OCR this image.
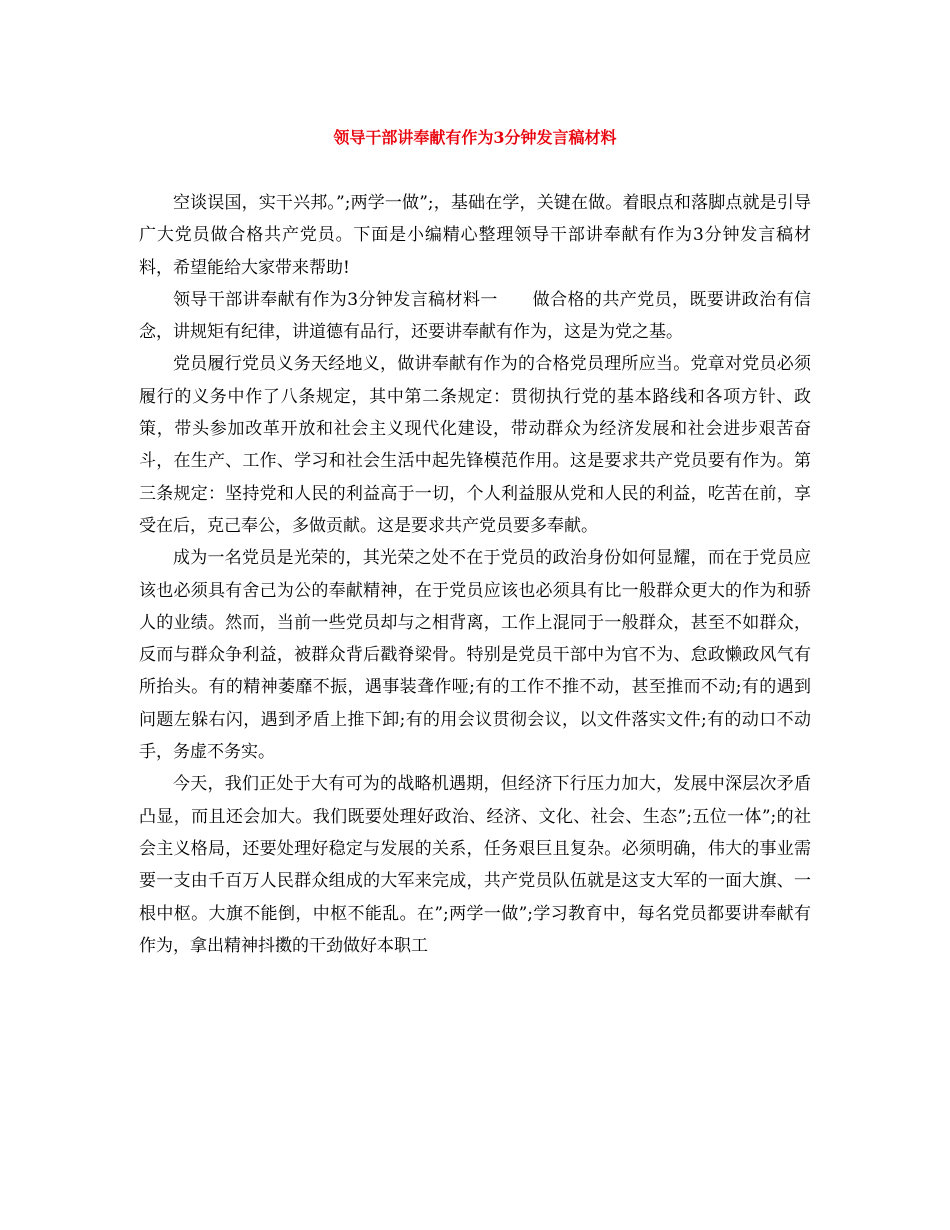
领导干部讲奉献有作为3分钟发言稿材料

空谈误国，实干兴邦。”;两学一做”;，基础在学，关键在做。着眼点和落脚点就是引导广大党员做合格共产党员。下面是小编精心整理领导干部讲奉献有作为3分钟发言稿材料，希望能给大家带来帮助!

领导干部讲奉献有作为3分钟发言稿材料一　　做合格的共产党员，既要讲政治有信念，讲规矩有纪律，讲道德有品行，还要讲奉献有作为，这是为党之基。

党员履行党员义务天经地义，做讲奉献有作为的合格党员理所应当。党章对党员必须履行的义务中作了八条规定，其中第二条规定：贯彻执行党的基本路线和各项方针、政策，带头参加改革开放和社会主义现代化建设，带动群众为经济发展和社会进步艰苦奋斗，在生产、工作、学习和社会生活中起先锋模范作用。这是要求共产党员要有作为。第三条规定：坚持党和人民的利益高于一切，个人利益服从党和人民的利益，吃苦在前，享受在后，克己奉公，多做贡献。这是要求共产党员要多奉献。

成为一名党员是光荣的，其光荣之处不在于党员的政治身份如何显耀，而在于党员应该也必须具有舍己为公的奉献精神，在于党员应该也必须具有比一般群众更大的作为和骄人的业绩。然而，当前一些党员却与之相背离，工作上混同于一般群众，甚至不如群众，反而与群众争利益，被群众背后戳脊梁骨。特别是党员干部中为官不为、怠政懒政风气有所抬头。有的精神萎靡不振，遇事装聋作哑;有的工作不推不动，甚至推而不动;有的遇到问题左躲右闪，遇到矛盾上推下卸;有的用会议贯彻会议，以文件落实文件;有的动口不动手，务虚不务实。

今天，我们正处于大有可为的战略机遇期，但经济下行压力加大，发展中深层次矛盾凸显，而且还会加大。我们既要处理好政治、经济、文化、社会、生态”;五位一体”;的社会主义格局，还要处理好稳定与发展的关系，任务艰巨且复杂。必须明确，伟大的事业需要一支由千百万人民群众组成的大军来完成，共产党员队伍就是这支大军的一面大旗、一根中枢。大旗不能倒，中枢不能乱。在”;两学一做”;学习教育中，每名党员都要讲奉献有作为，拿出精神抖擞的干劲做好本职工
